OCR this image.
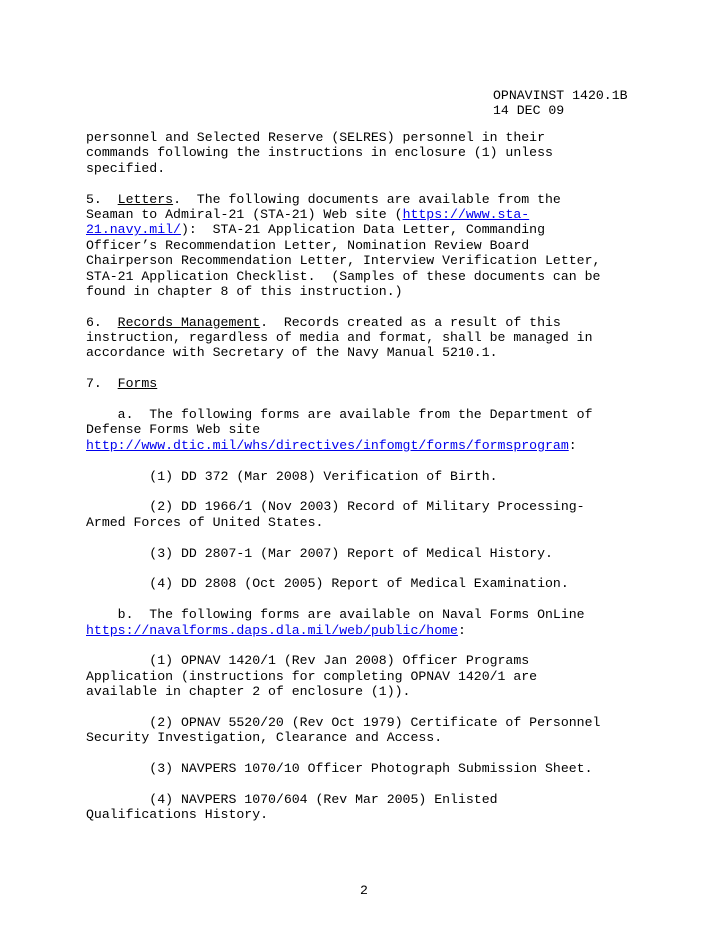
OPNAVINST 1420.1B
14 DEC 09
personnel and Selected Reserve (SELRES) personnel in their
commands following the instructions in enclosure (1) unless
specified.
5. Letters.  The following documents are available from the
Seaman to Admiral-21 (STA-21) Web site (https://www.sta-
21.navy.mil/):  STA-21 Application Data Letter, Commanding
Officer’s Recommendation Letter, Nomination Review Board
Chairperson Recommendation Letter, Interview Verification Letter,
STA-21 Application Checklist.  (Samples of these documents can be
found in chapter 8 of this instruction.)
6. Records Management.  Records created as a result of this
instruction, regardless of media and format, shall be managed in
accordance with Secretary of the Navy Manual 5210.1.
7. Forms
a.  The following forms are available from the Department of
Defense Forms Web site
http://www.dtic.mil/whs/directives/infomgt/forms/formsprogram:
(1) DD 372 (Mar 2008) Verification of Birth.
(2) DD 1966/1 (Nov 2003) Record of Military Processing-
Armed Forces of United States.
(3) DD 2807-1 (Mar 2007) Report of Medical History.
(4) DD 2808 (Oct 2005) Report of Medical Examination.
b.  The following forms are available on Naval Forms OnLine
https://navalforms.daps.dla.mil/web/public/home:
(1) OPNAV 1420/1 (Rev Jan 2008) Officer Programs
Application (instructions for completing OPNAV 1420/1 are
available in chapter 2 of enclosure (1)).
(2) OPNAV 5520/20 (Rev Oct 1979) Certificate of Personnel
Security Investigation, Clearance and Access.
(3) NAVPERS 1070/10 Officer Photograph Submission Sheet.
(4) NAVPERS 1070/604 (Rev Mar 2005) Enlisted
Qualifications History.
2
